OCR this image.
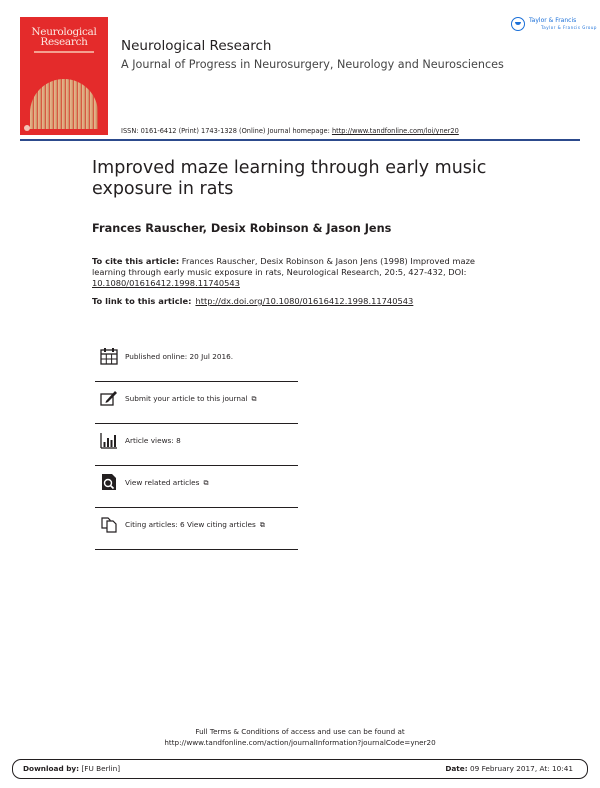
Neurological
Research	Neurological Research
A Journal of Progress in Neurosurgery, Neurology and Neurosciences
Taylor & Francis
Taylor & Francis Group
ISSN: 0161-6412 (Print) 1743-1328 (Online) Journal homepage: http://www.tandfonline.com/loi/yner20
Improved maze learning through early music exposure in rats
Frances Rauscher, Desix Robinson & Jason Jens
To cite this article: Frances Rauscher, Desix Robinson & Jason Jens (1998) Improved maze learning through early music exposure in rats, Neurological Research, 20:5, 427-432, DOI: 10.1080/01616412.1998.11740543
To link to this article: http://dx.doi.org/10.1080/01616412.1998.11740543
Published online: 20 Jul 2016.
Submit your article to this journal ⧉
Article views: 8
View related articles ⧉
Citing articles: 6 View citing articles ⧉
Full Terms & Conditions of access and use can be found at
http://www.tandfonline.com/action/journalInformation?journalCode=yner20
Download by: [FU Berlin]	Date: 09 February 2017, At: 10:41
